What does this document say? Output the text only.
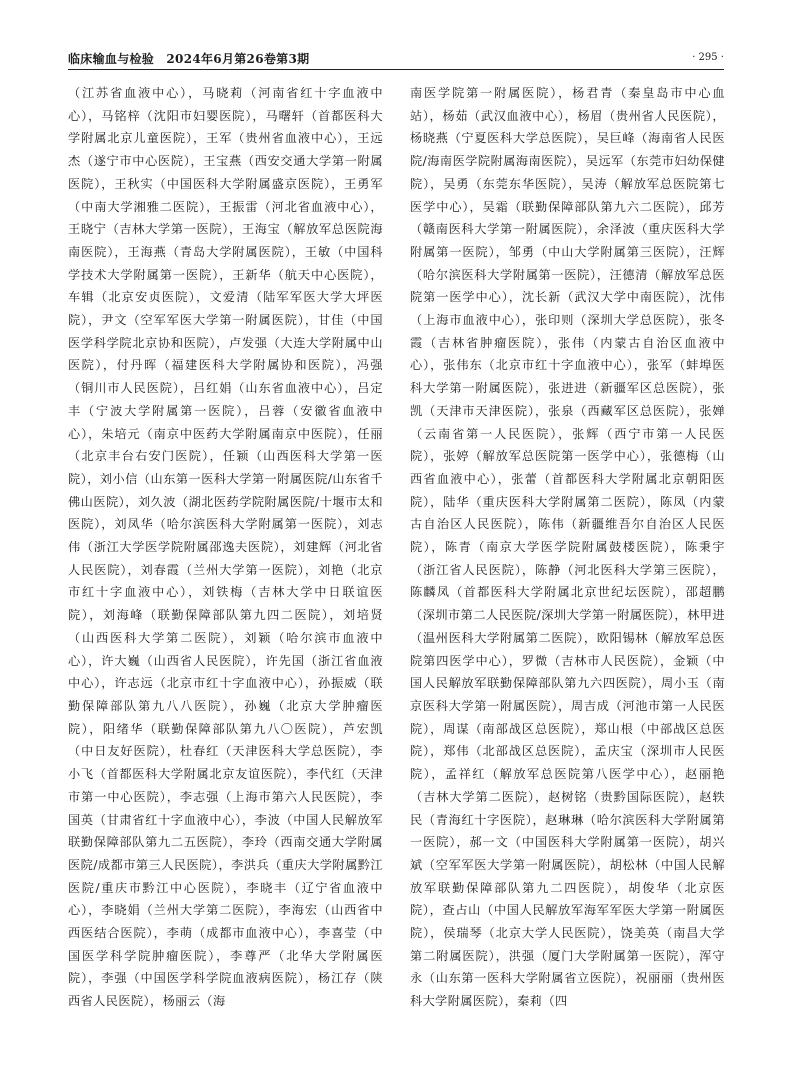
临床输血与检验　2024年6月第26卷第3期	· 295 ·
（江苏省血液中心），马晓莉（河南省红十字血液中心），马铭梓（沈阳市妇婴医院），马曙轩（首都医科大学附属北京儿童医院），王军（贵州省血液中心），王远杰（遂宁市中心医院），王宝燕（西安交通大学第一附属医院），王秋实（中国医科大学附属盛京医院），王勇军（中南大学湘雅二医院），王振雷（河北省血液中心），王晓宁（吉林大学第一医院），王海宝（解放军总医院海南医院），王海燕（青岛大学附属医院），王敏（中国科学技术大学附属第一医院），王新华（航天中心医院），车辑（北京安贞医院），文爱清（陆军军医大学大坪医院），尹文（空军军医大学第一附属医院），甘佳（中国医学科学院北京协和医院），卢发强（大连大学附属中山医院），付丹晖（福建医科大学附属协和医院），冯强（铜川市人民医院），吕红娟（山东省血液中心），吕定丰（宁波大学附属第一医院），吕蓉（安徽省血液中心），朱培元（南京中医药大学附属南京中医院），任丽（北京丰台右安门医院），任颖（山西医科大学第一医院），刘小信（山东第一医科大学第一附属医院/山东省千佛山医院），刘久波（湖北医药学院附属医院/十堰市太和医院），刘凤华（哈尔滨医科大学附属第一医院），刘志伟（浙江大学医学院附属邵逸夫医院），刘建辉（河北省人民医院），刘春霞（兰州大学第一医院），刘艳（北京市红十字血液中心），刘铁梅（吉林大学中日联谊医院），刘海峰（联勤保障部队第九四二医院），刘培贤（山西医科大学第二医院），刘颖（哈尔滨市血液中心），许大巍（山西省人民医院），许先国（浙江省血液中心），许志远（北京市红十字血液中心），孙振威（联勤保障部队第九八八医院），孙巍（北京大学肿瘤医院），阳绪华（联勤保障部队第九八〇医院），芦宏凯（中日友好医院），杜春红（天津医科大学总医院），李小飞（首都医科大学附属北京友谊医院），李代红（天津市第一中心医院），李志强（上海市第六人民医院），李国英（甘肃省红十字血液中心），李波（中国人民解放军联勤保障部队第九二五医院），李玲（西南交通大学附属医院/成都市第三人民医院），李洪兵（重庆大学附属黔江医院/重庆市黔江中心医院），李晓丰（辽宁省血液中心），李晓娟（兰州大学第二医院），李海宏（山西省中西医结合医院），李萌（成都市血液中心），李喜莹（中国医学科学院肿瘤医院），李尊严（北华大学附属医院），李强（中国医学科学院血液病医院），杨江存（陕西省人民医院），杨丽云（海
南医学院第一附属医院），杨君青（秦皇岛市中心血站），杨茹（武汉血液中心），杨眉（贵州省人民医院），杨晓燕（宁夏医科大学总医院），吴巨峰（海南省人民医院/海南医学院附属海南医院），吴远军（东莞市妇幼保健院），吴勇（东莞东华医院），吴涛（解放军总医院第七医学中心），吴霜（联勤保障部队第九六二医院），邱芳（赣南医科大学第一附属医院），余泽波（重庆医科大学附属第一医院），邹勇（中山大学附属第三医院），汪辉（哈尔滨医科大学附属第一医院），汪德清（解放军总医院第一医学中心），沈长新（武汉大学中南医院），沈伟（上海市血液中心），张印则（深圳大学总医院），张冬霞（吉林省肿瘤医院），张伟（内蒙古自治区血液中心），张伟东（北京市红十字血液中心），张军（蚌埠医科大学第一附属医院），张进进（新疆军区总医院），张凯（天津市天津医院），张泉（西藏军区总医院），张婵（云南省第一人民医院），张辉（西宁市第一人民医院），张婷（解放军总医院第一医学中心），张德梅（山西省血液中心），张蕾（首都医科大学附属北京朝阳医院），陆华（重庆医科大学附属第二医院），陈凤（内蒙古自治区人民医院），陈伟（新疆维吾尔自治区人民医院），陈青（南京大学医学院附属鼓楼医院），陈秉宇（浙江省人民医院），陈静（河北医科大学第三医院），陈麟凤（首都医科大学附属北京世纪坛医院），邵超鹏（深圳市第二人民医院/深圳大学第一附属医院），林甲进（温州医科大学附属第二医院），欧阳锡林（解放军总医院第四医学中心），罗微（吉林市人民医院），金颖（中国人民解放军联勤保障部队第九六四医院），周小玉（南京医科大学第一附属医院），周吉成（河池市第一人民医院），周谋（南部战区总医院），郑山根（中部战区总医院），郑伟（北部战区总医院），孟庆宝（深圳市人民医院），孟祥红（解放军总医院第八医学中心），赵丽艳（吉林大学第二医院），赵树铭（贵黔国际医院），赵轶民（青海红十字医院），赵琳琳（哈尔滨医科大学附属第一医院），郝一文（中国医科大学附属第一医院），胡兴斌（空军军医大学第一附属医院），胡松林（中国人民解放军联勤保障部队第九二四医院），胡俊华（北京医院），查占山（中国人民解放军海军军医大学第一附属医院），侯瑞琴（北京大学人民医院），饶美英（南昌大学第二附属医院），洪强（厦门大学附属第一医院），浑守永（山东第一医科大学附属省立医院），祝丽丽（贵州医科大学附属医院），秦莉（四
